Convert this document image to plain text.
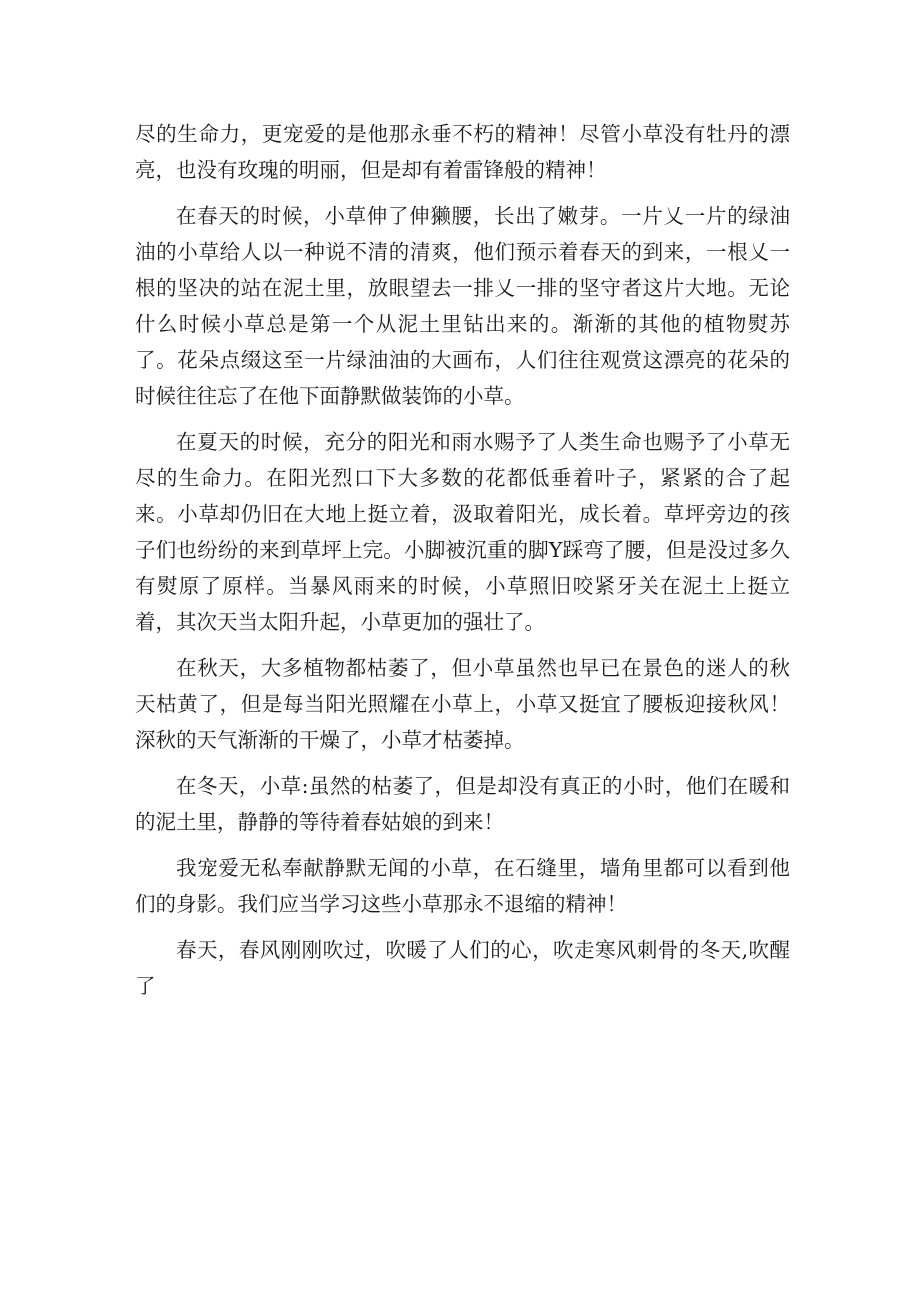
尽的生命力，更宠爱的是他那永垂不朽的精神！尽管小草没有牡丹的漂亮，也没有玫瑰的明丽，但是却有着雷锋般的精神！

在春天的时候，小草伸了伸獭腰，长出了嫩芽。一片乂一片的绿油油的小草给人以一种说不清的清爽，他们预示着春天的到来，一根乂一根的坚决的站在泥土里，放眼望去一排乂一排的坚守者这片大地。无论什么时候小草总是第一个从泥土里钻出来的。渐渐的其他的植物熨苏了。花朵点缀这至一片绿油油的大画布，人们往往观赏这漂亮的花朵的时候往往忘了在他下面静默做装饰的小草。

在夏天的时候，充分的阳光和雨水赐予了人类生命也赐予了小草无尽的生命力。在阳光烈口下大多数的花都低垂着叶子，紧紧的合了起来。小草却仍旧在大地上挺立着，汲取着阳光，成长着。草坪旁边的孩子们也纷纷的来到草坪上完。小脚被沉重的脚Y踩弯了腰，但是没过多久有熨原了原样。当暴风雨来的时候，小草照旧咬紧牙关在泥土上挺立着，其次天当太阳升起，小草更加的强壮了。

在秋天，大多植物都枯萎了，但小草虽然也早已在景色的迷人的秋天枯黄了，但是每当阳光照耀在小草上，小草又挺宜了腰板迎接秋风！深秋的天气渐渐的干燥了，小草才枯萎掉。

在冬天，小草:虽然的枯萎了，但是却没有真正的小时，他们在暖和的泥土里，静静的等待着春姑娘的到来！

我宠爱无私奉献静默无闻的小草，在石缝里，墙角里都可以看到他们的身影。我们应当学习这些小草那永不退缩的精神！

春天，春风刚刚吹过，吹暖了人们的心，吹走寒风刺骨的冬天,吹醒了
